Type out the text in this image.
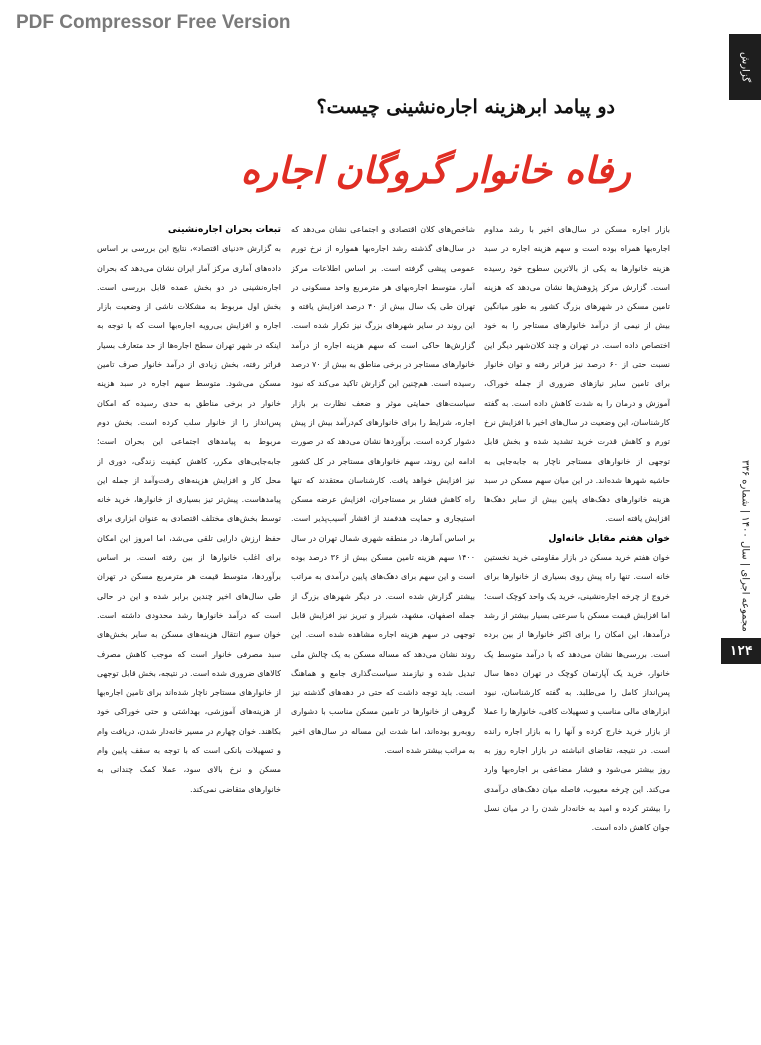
PDF Compressor Free Version
گزارش
مجموعه اجرای | سال ۱۴۰۰ | شماره ۳۳۶
۱۲۴
دو پیامد ابرهزینه اجاره‌نشینی چیست؟
رفاه خانوار گروگان اجاره

بازار اجاره مسکن در سال‌های اخیر با رشد مداوم اجاره‌بها همراه بوده است و سهم هزینه اجاره در سبد هزینه خانوارها به یکی از بالاترین سطوح خود رسیده است. گزارش مرکز پژوهش‌ها نشان می‌دهد که هزینه تامین مسکن در شهرهای بزرگ کشور به طور میانگین بیش از نیمی از درآمد خانوارهای مستاجر را به خود اختصاص داده است. در تهران و چند کلان‌شهر دیگر این نسبت حتی از ۶۰ درصد نیز فراتر رفته و توان خانوار برای تامین سایر نیازهای ضروری از جمله خوراک، آموزش و درمان را به شدت کاهش داده است. به گفته کارشناسان، این وضعیت در سال‌های اخیر با افزایش نرخ تورم و کاهش قدرت خرید تشدید شده و بخش قابل توجهی از خانوارهای مستاجر ناچار به جابه‌جایی به حاشیه شهرها شده‌اند. در این میان سهم مسکن در سبد هزینه خانوارهای دهک‌های پایین بیش از سایر دهک‌ها افزایش یافته است.

خوان هفتم مقابل خانه‌اول

خوان هفتم خرید مسکن در بازار مقاومتی خرید نخستین خانه است. تنها راه پیش روی بسیاری از خانوارها برای خروج از چرخه اجاره‌نشینی، خرید یک واحد کوچک است؛ اما افزایش قیمت مسکن با سرعتی بسیار بیشتر از رشد درآمدها، این امکان را برای اکثر خانوارها از بین برده است. بررسی‌ها نشان می‌دهد که با درآمد متوسط یک خانوار، خرید یک آپارتمان کوچک در تهران ده‌ها سال پس‌انداز کامل را می‌طلبد. به گفته کارشناسان، نبود ابزارهای مالی مناسب و تسهیلات کافی، خانوارها را عملا از بازار خرید خارج کرده و آنها را به بازار اجاره رانده است. در نتیجه، تقاضای انباشته در بازار اجاره روز به روز بیشتر می‌شود و فشار مضاعفی بر اجاره‌بها وارد می‌کند. این چرخه معیوب، فاصله میان دهک‌های درآمدی را بیشتر کرده و امید به خانه‌دار شدن را در میان نسل جوان کاهش داده است.

شاخص‌های کلان اقتصادی و اجتماعی نشان می‌دهد که در سال‌های گذشته رشد اجاره‌بها همواره از نرخ تورم عمومی پیشی گرفته است. بر اساس اطلاعات مرکز آمار، متوسط اجاره‌بهای هر مترمربع واحد مسکونی در تهران طی یک سال بیش از ۴۰ درصد افزایش یافته و این روند در سایر شهرهای بزرگ نیز تکرار شده است. گزارش‌ها حاکی است که سهم هزینه اجاره از درآمد خانوارهای مستاجر در برخی مناطق به بیش از ۷۰ درصد رسیده است. هم‌چنین این گزارش تاکید می‌کند که نبود سیاست‌های حمایتی موثر و ضعف نظارت بر بازار اجاره، شرایط را برای خانوارهای کم‌درآمد بیش از پیش دشوار کرده است. برآوردها نشان می‌دهد که در صورت ادامه این روند، سهم خانوارهای مستاجر در کل کشور نیز افزایش خواهد یافت. کارشناسان معتقدند که تنها راه کاهش فشار بر مستاجران، افزایش عرضه مسکن استیجاری و حمایت هدفمند از اقشار آسیب‌پذیر است. بر اساس آمارها، در منطقه شهری شمال تهران در سال ۱۴۰۰ سهم هزینه تامین مسکن بیش از ۳۶ درصد بوده است و این سهم برای دهک‌های پایین درآمدی به مراتب بیشتر گزارش شده است. در دیگر شهرهای بزرگ از جمله اصفهان، مشهد، شیراز و تبریز نیز افزایش قابل توجهی در سهم هزینه اجاره مشاهده شده است. این روند نشان می‌دهد که مساله مسکن به یک چالش ملی تبدیل شده و نیازمند سیاست‌گذاری جامع و هماهنگ است. باید توجه داشت که حتی در دهه‌های گذشته نیز گروهی از خانوارها در تامین مسکن مناسب با دشواری روبه‌رو بوده‌اند، اما شدت این مساله در سال‌های اخیر به مراتب بیشتر شده است.

تبعات بحران اجاره‌نشینی

به گزارش «دنیای اقتصاد»، نتایج این بررسی بر اساس داده‌های آماری مرکز آمار ایران نشان می‌دهد که بحران اجاره‌نشینی در دو بخش عمده قابل بررسی است. بخش اول مربوط به مشکلات ناشی از وضعیت بازار اجاره و افزایش بی‌رویه اجاره‌بها است که با توجه به اینکه در شهر تهران سطح اجاره‌ها از حد متعارف بسیار فراتر رفته، بخش زیادی از درآمد خانوار صرف تامین مسکن می‌شود. متوسط سهم اجاره در سبد هزینه خانوار در برخی مناطق به حدی رسیده که امکان پس‌انداز را از خانوار سلب کرده است. بخش دوم مربوط به پیامدهای اجتماعی این بحران است؛ جابه‌جایی‌های مکرر، کاهش کیفیت زندگی، دوری از محل کار و افزایش هزینه‌های رفت‌وآمد از جمله این پیامدهاست. پیش‌تر تیز بسیاری از خانوارها، خرید خانه توسط بخش‌های مختلف اقتصادی به عنوان ابزاری برای حفظ ارزش دارایی تلقی می‌شد، اما امروز این امکان برای اغلب خانوارها از بین رفته است. بر اساس برآوردها، متوسط قیمت هر مترمربع مسکن در تهران طی سال‌های اخیر چندین برابر شده و این در حالی است که درآمد خانوارها رشد محدودی داشته است. خوان سوم انتقال هزینه‌های مسکن به سایر بخش‌های سبد مصرفی خانوار است که موجب کاهش مصرف کالاهای ضروری شده است. در نتیجه، بخش قابل توجهی از خانوارهای مستاجر ناچار شده‌اند برای تامین اجاره‌بها از هزینه‌های آموزشی، بهداشتی و حتی خوراکی خود بکاهند. خوان چهارم در مسیر خانه‌دار شدن، دریافت وام و تسهیلات بانکی است که با توجه به سقف پایین وام مسکن و نرخ بالای سود، عملا کمک چندانی به خانوارهای متقاضی نمی‌کند.
